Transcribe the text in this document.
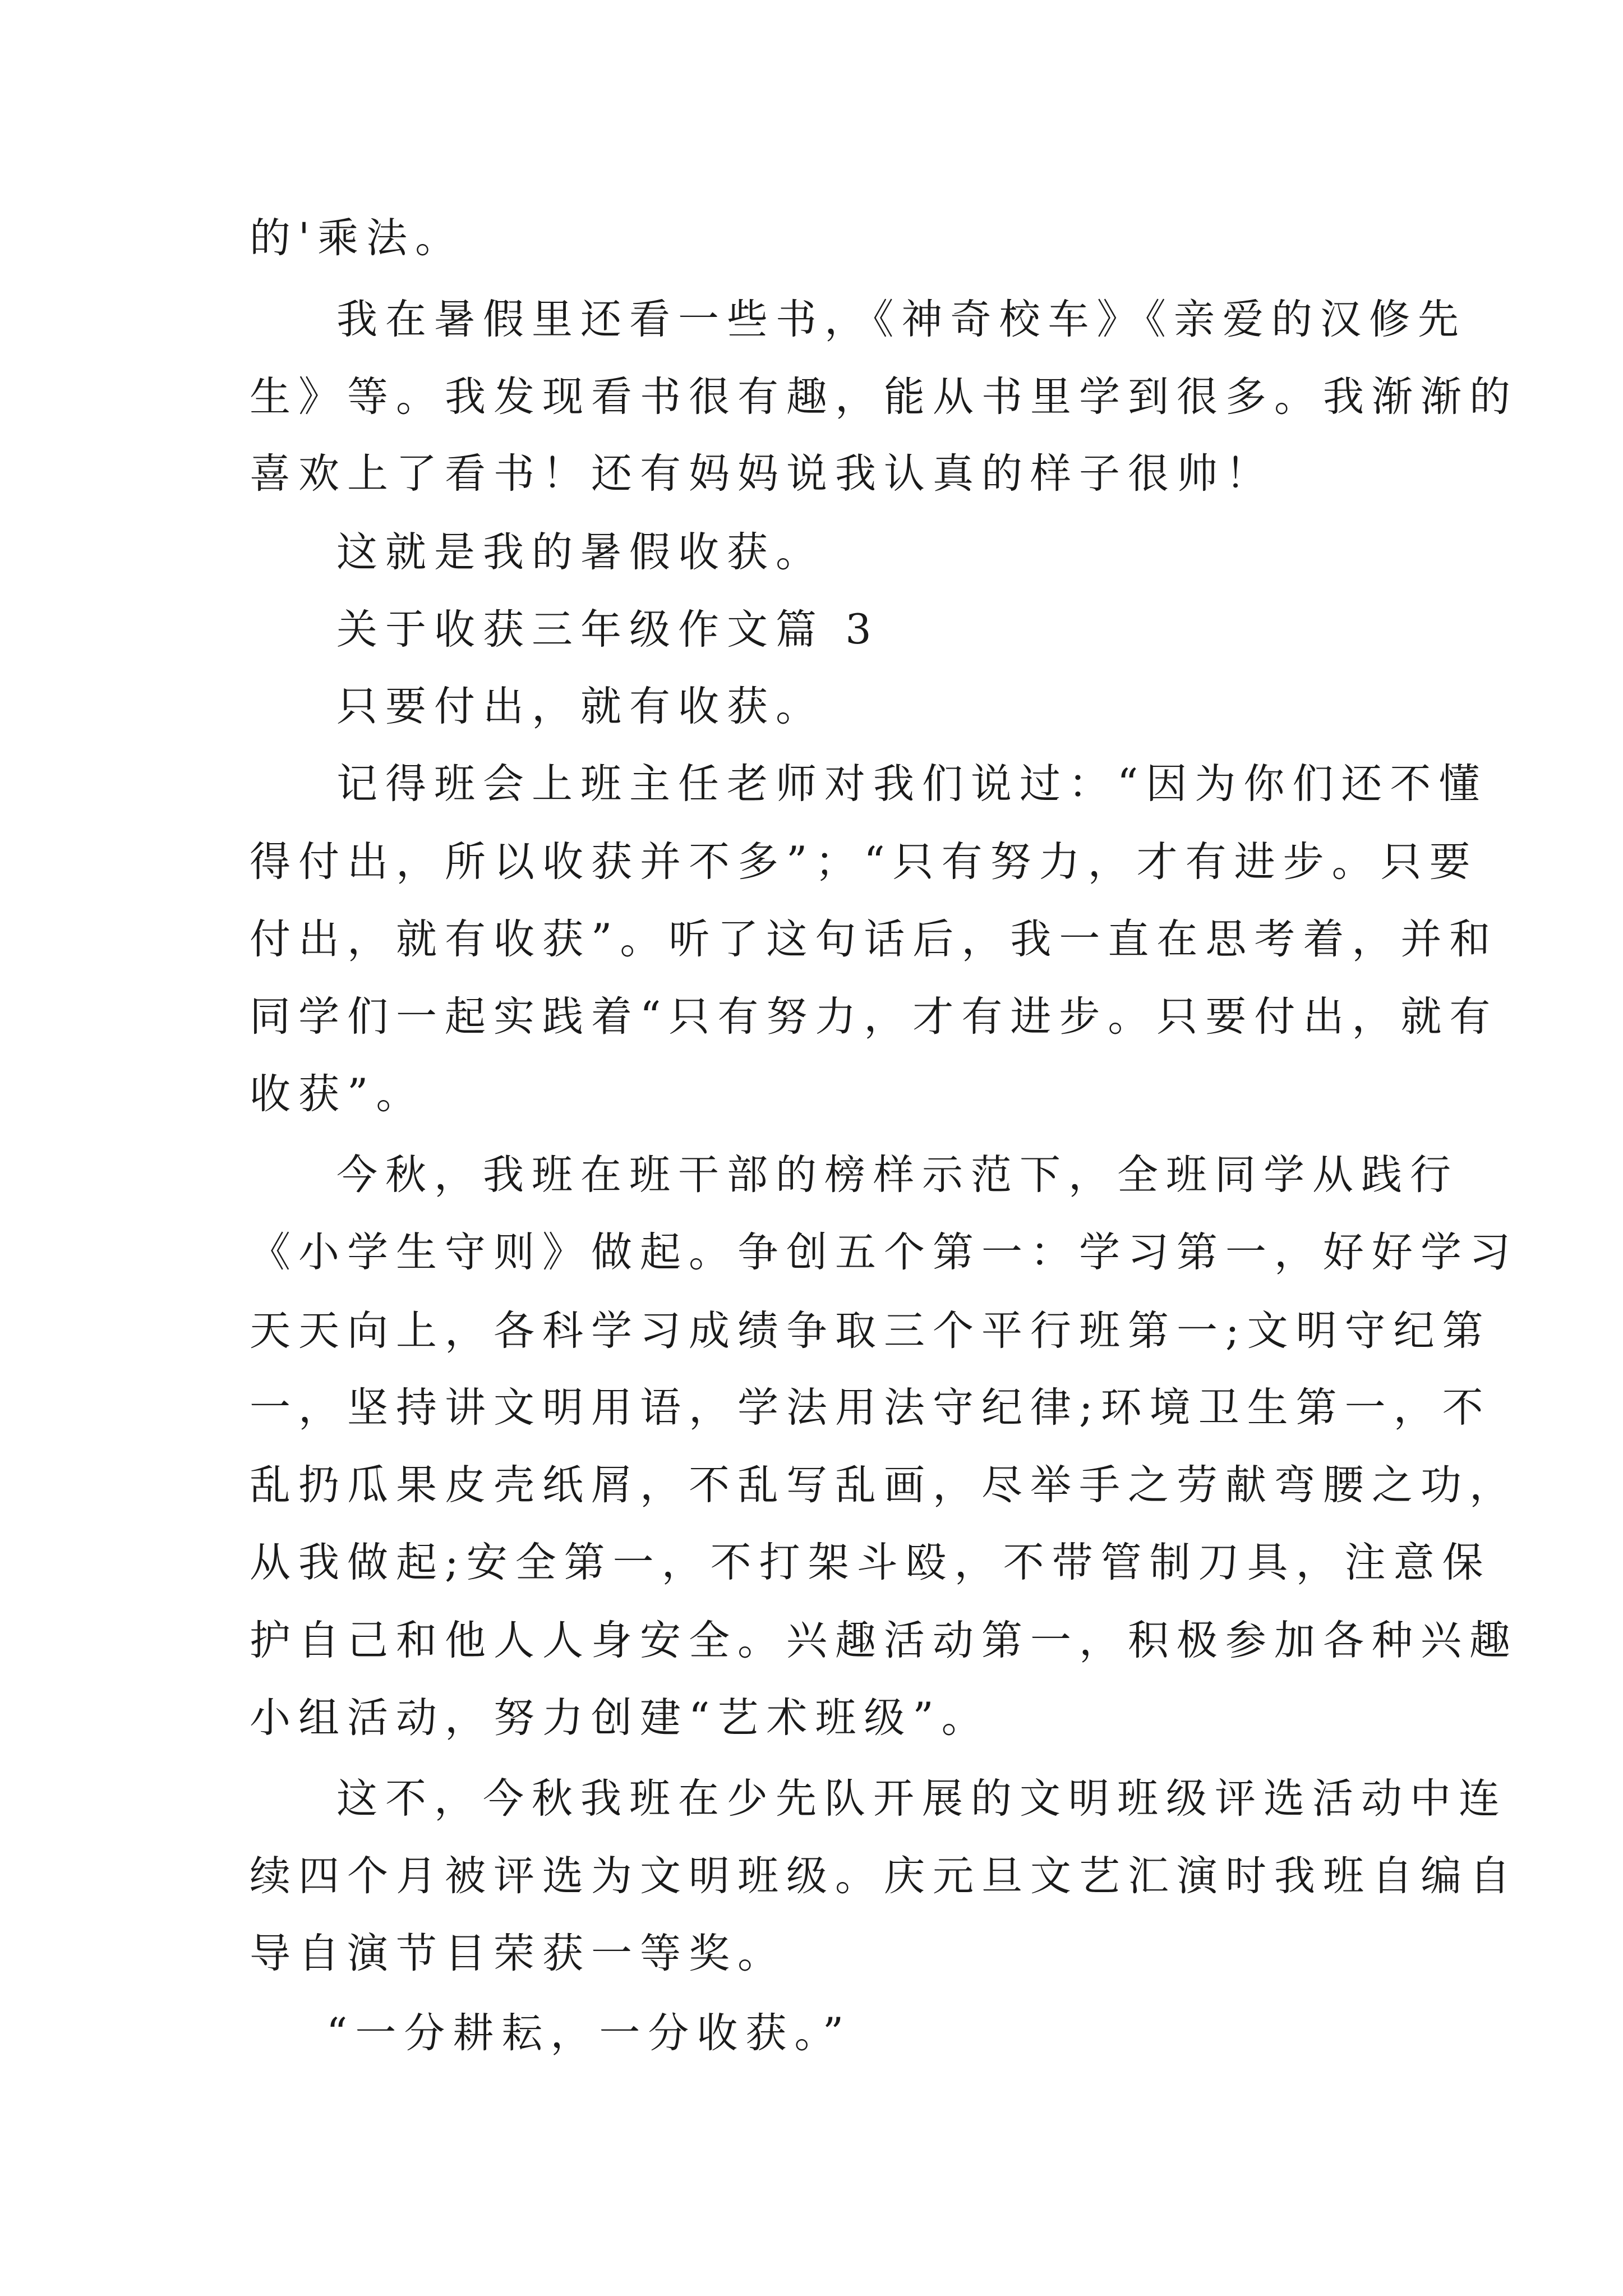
的'乘法。

我在暑假里还看一些书，《神奇校车》《亲爱的汉修先

生》等。我发现看书很有趣，能从书里学到很多。我渐渐的

喜欢上了看书！还有妈妈说我认真的样子很帅！

这就是我的暑假收获。

关于收获三年级作文篇 3

只要付出，就有收获。

记得班会上班主任老师对我们说过：“因为你们还不懂

得付出，所以收获并不多”；“只有努力，才有进步。只要

付出，就有收获”。听了这句话后，我一直在思考着，并和

同学们一起实践着“只有努力，才有进步。只要付出，就有

收获”。

今秋，我班在班干部的榜样示范下，全班同学从践行

《小学生守则》做起。争创五个第一：学习第一，好好学习

天天向上，各科学习成绩争取三个平行班第一;文明守纪第

一，坚持讲文明用语，学法用法守纪律;环境卫生第一，不

乱扔瓜果皮壳纸屑，不乱写乱画，尽举手之劳献弯腰之功，

从我做起;安全第一，不打架斗殴，不带管制刀具，注意保

护自己和他人人身安全。兴趣活动第一，积极参加各种兴趣

小组活动，努力创建“艺术班级”。

这不，今秋我班在少先队开展的文明班级评选活动中连

续四个月被评选为文明班级。庆元旦文艺汇演时我班自编自

导自演节目荣获一等奖。

“一分耕耘，一分收获。”
